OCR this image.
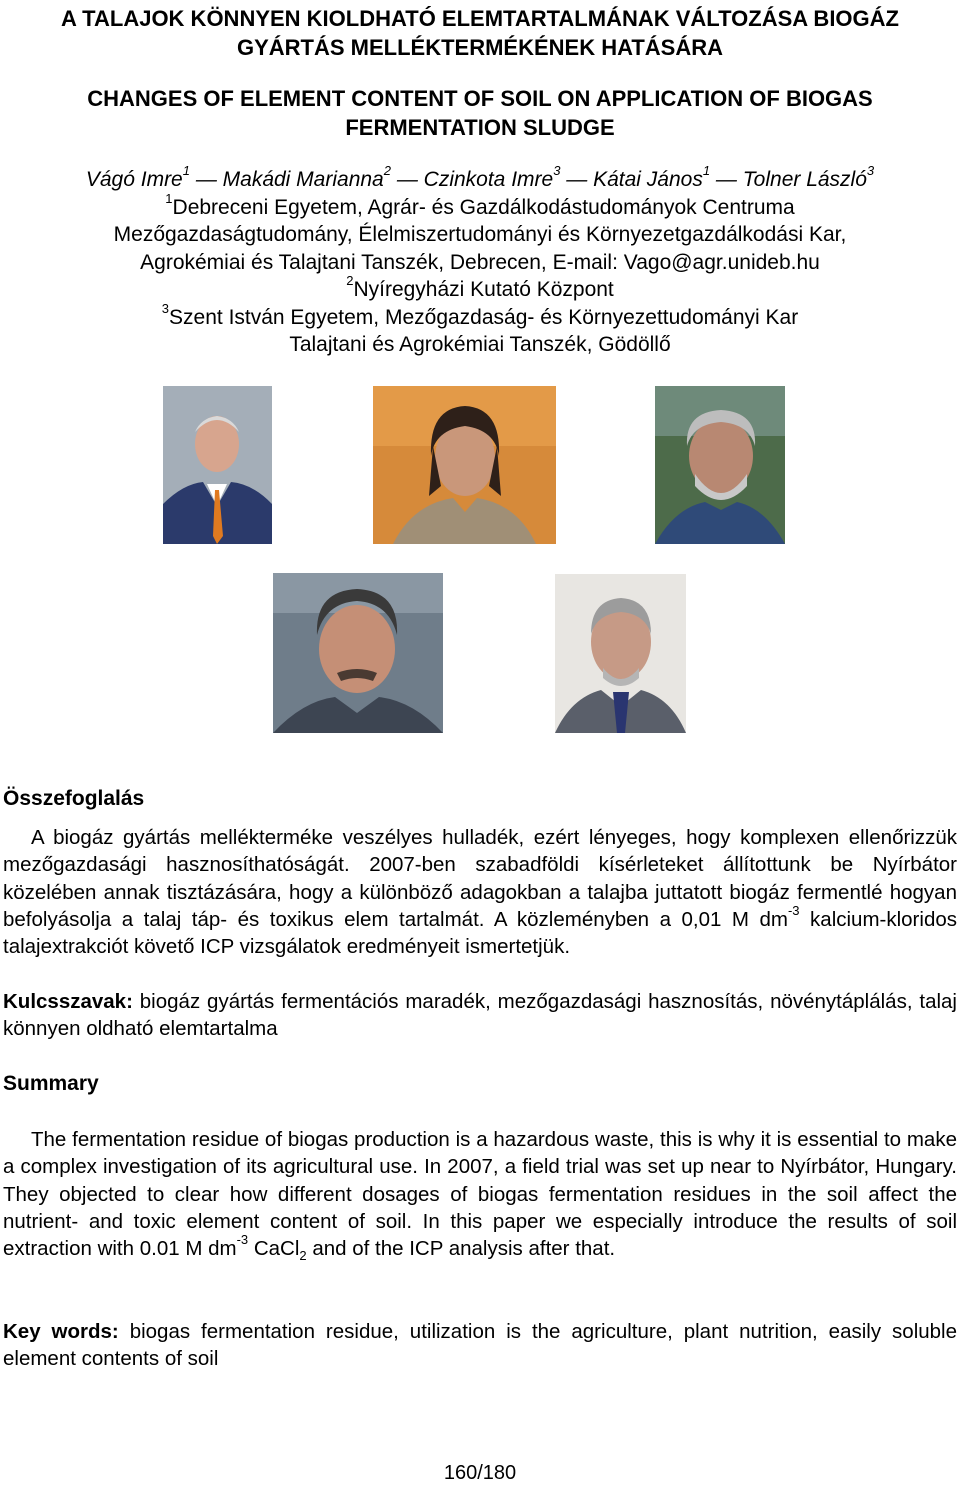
A TALAJOK KÖNNYEN KIOLDHATÓ ELEMTARTALMÁNAK VÁLTOZÁSA BIOGÁZ
GYÁRTÁS MELLÉKTERMÉKÉNEK HATÁSÁRA
CHANGES OF ELEMENT CONTENT OF SOIL ON APPLICATION OF BIOGAS
FERMENTATION SLUDGE
Vágó Imre$^1$ — Makádi Marianna$^2$ — Czinkota Imre$^3$ — Kátai János$^1$ — Tolner László$^3$
$^1$Debreceni Egyetem, Agrár- és Gazdálkodástudományok Centruma
Mezőgazdaságtudomány, Élelmiszertudományi és Környezetgazdálkodási Kar,
Agrokémiai és Talajtani Tanszék, Debrecen, E-mail: Vago@agr.unideb.hu
$^2$Nyíregyházi Kutató Központ
$^3$Szent István Egyetem, Mezőgazdaság- és Környezettudományi Kar
Talajtani és Agrokémiai Tanszék, Gödöllő
Összefoglalás
A biogáz gyártás mellékterméke veszélyes hulladék, ezért lényeges, hogy komplexen ellenőrizzük mezőgazdasági hasznosíthatóságát. 2007-ben szabadföldi kísérleteket állítottunk be Nyírbátor közelében annak tisztázására, hogy a különböző adagokban a talajba juttatott biogáz fermentlé hogyan befolyásolja a talaj táp- és toxikus elem tartalmát. A közleményben a 0,01 M $dm^{-3}$ kalcium-kloridos talajextrakciót követő ICP vizsgálatok eredményeit ismertetjük.
Kulcsszavak: biogáz gyártás fermentációs maradék, mezőgazdasági hasznosítás, növénytáplálás, talaj könnyen oldható elemtartalma
Summary
The fermentation residue of biogas production is a hazardous waste, this is why it is essential to make a complex investigation of its agricultural use. In 2007, a field trial was set up near to Nyírbátor, Hungary. They objected to clear how different dosages of biogas fermentation residues in the soil affect the nutrient- and toxic element content of soil. In this paper we especially introduce the results of soil extraction with 0.01 M $dm^{-3}$ CaCl$_2$ and of the ICP analysis after that.
Key words: biogas fermentation residue, utilization is the agriculture, plant nutrition, easily soluble element contents of soil
160/180
